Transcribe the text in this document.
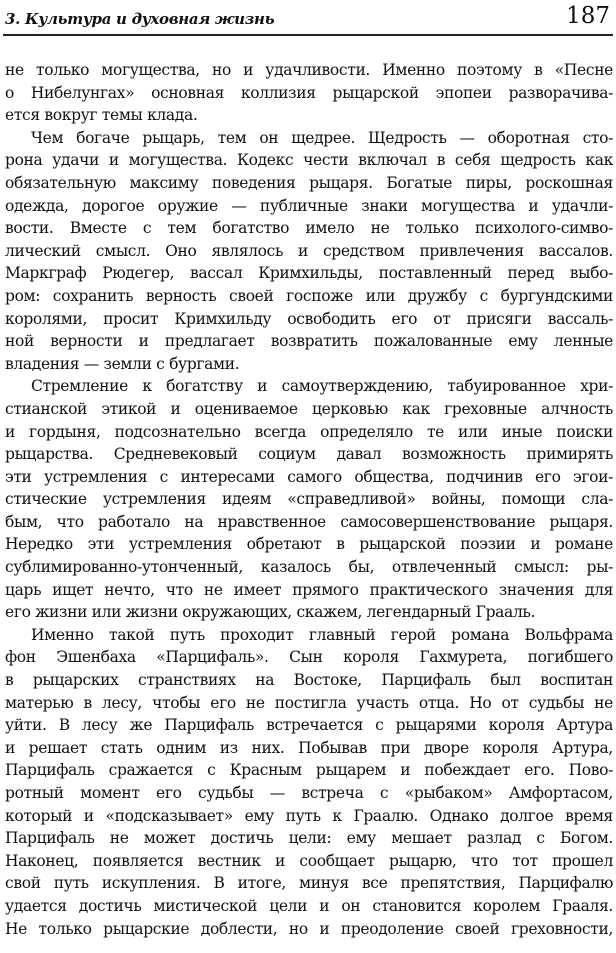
3. Культура и духовная жизнь	187
не только могущества, но и удачливости. Именно поэтому в «Песне
о Нибелунгах» основная коллизия рыцарской эпопеи разворачива-
ется вокруг темы клада.
Чем богаче рыцарь, тем он щедрее. Щедрость — оборотная сто-
рона удачи и могущества. Кодекс чести включал в себя щедрость как
обязательную максиму поведения рыцаря. Богатые пиры, роскошная
одежда, дорогое оружие — публичные знаки могущества и удачли-
вости. Вместе с тем богатство имело не только психолого-симво-
лический смысл. Оно являлось и средством привлечения вассалов.
Маркграф Рюдегер, вассал Кримхильды, поставленный перед выбо-
ром: сохранить верность своей госпоже или дружбу с бургундскими
королями, просит Кримхильду освободить его от присяги вассаль-
ной верности и предлагает возвратить пожалованные ему ленные
владения — земли с бургами.
Стремление к богатству и самоутверждению, табуированное хри-
стианской этикой и оцениваемое церковью как греховные алчность
и гордыня, подсознательно всегда определяло те или иные поиски
рыцарства. Средневековый социум давал возможность примирять
эти устремления с интересами самого общества, подчинив его эгои-
стические устремления идеям «справедливой» войны, помощи сла-
бым, что работало на нравственное самосовершенствование рыцаря.
Нередко эти устремления обретают в рыцарской поэзии и романе
сублимированно-утонченный, казалось бы, отвлеченный смысл: ры-
царь ищет нечто, что не имеет прямого практического значения для
его жизни или жизни окружающих, скажем, легендарный Грааль.
Именно такой путь проходит главный герой романа Вольфрама
фон Эшенбаха «Парцифаль». Сын короля Гахмурета, погибшего
в рыцарских странствиях на Востоке, Парцифаль был воспитан
матерью в лесу, чтобы его не постигла участь отца. Но от судьбы не
уйти. В лесу же Парцифаль встречается с рыцарями короля Артура
и решает стать одним из них. Побывав при дворе короля Артура,
Парцифаль сражается с Красным рыцарем и побеждает его. Пово-
ротный момент его судьбы — встреча с «рыбаком» Амфортасом,
который и «подсказывает» ему путь к Граалю. Однако долгое время
Парцифаль не может достичь цели: ему мешает разлад с Богом.
Наконец, появляется вестник и сообщает рыцарю, что тот прошел
свой путь искупления. В итоге, минуя все препятствия, Парцифалю
удается достичь мистической цели и он становится королем Грааля.
Не только рыцарские доблести, но и преодоление своей греховности,
